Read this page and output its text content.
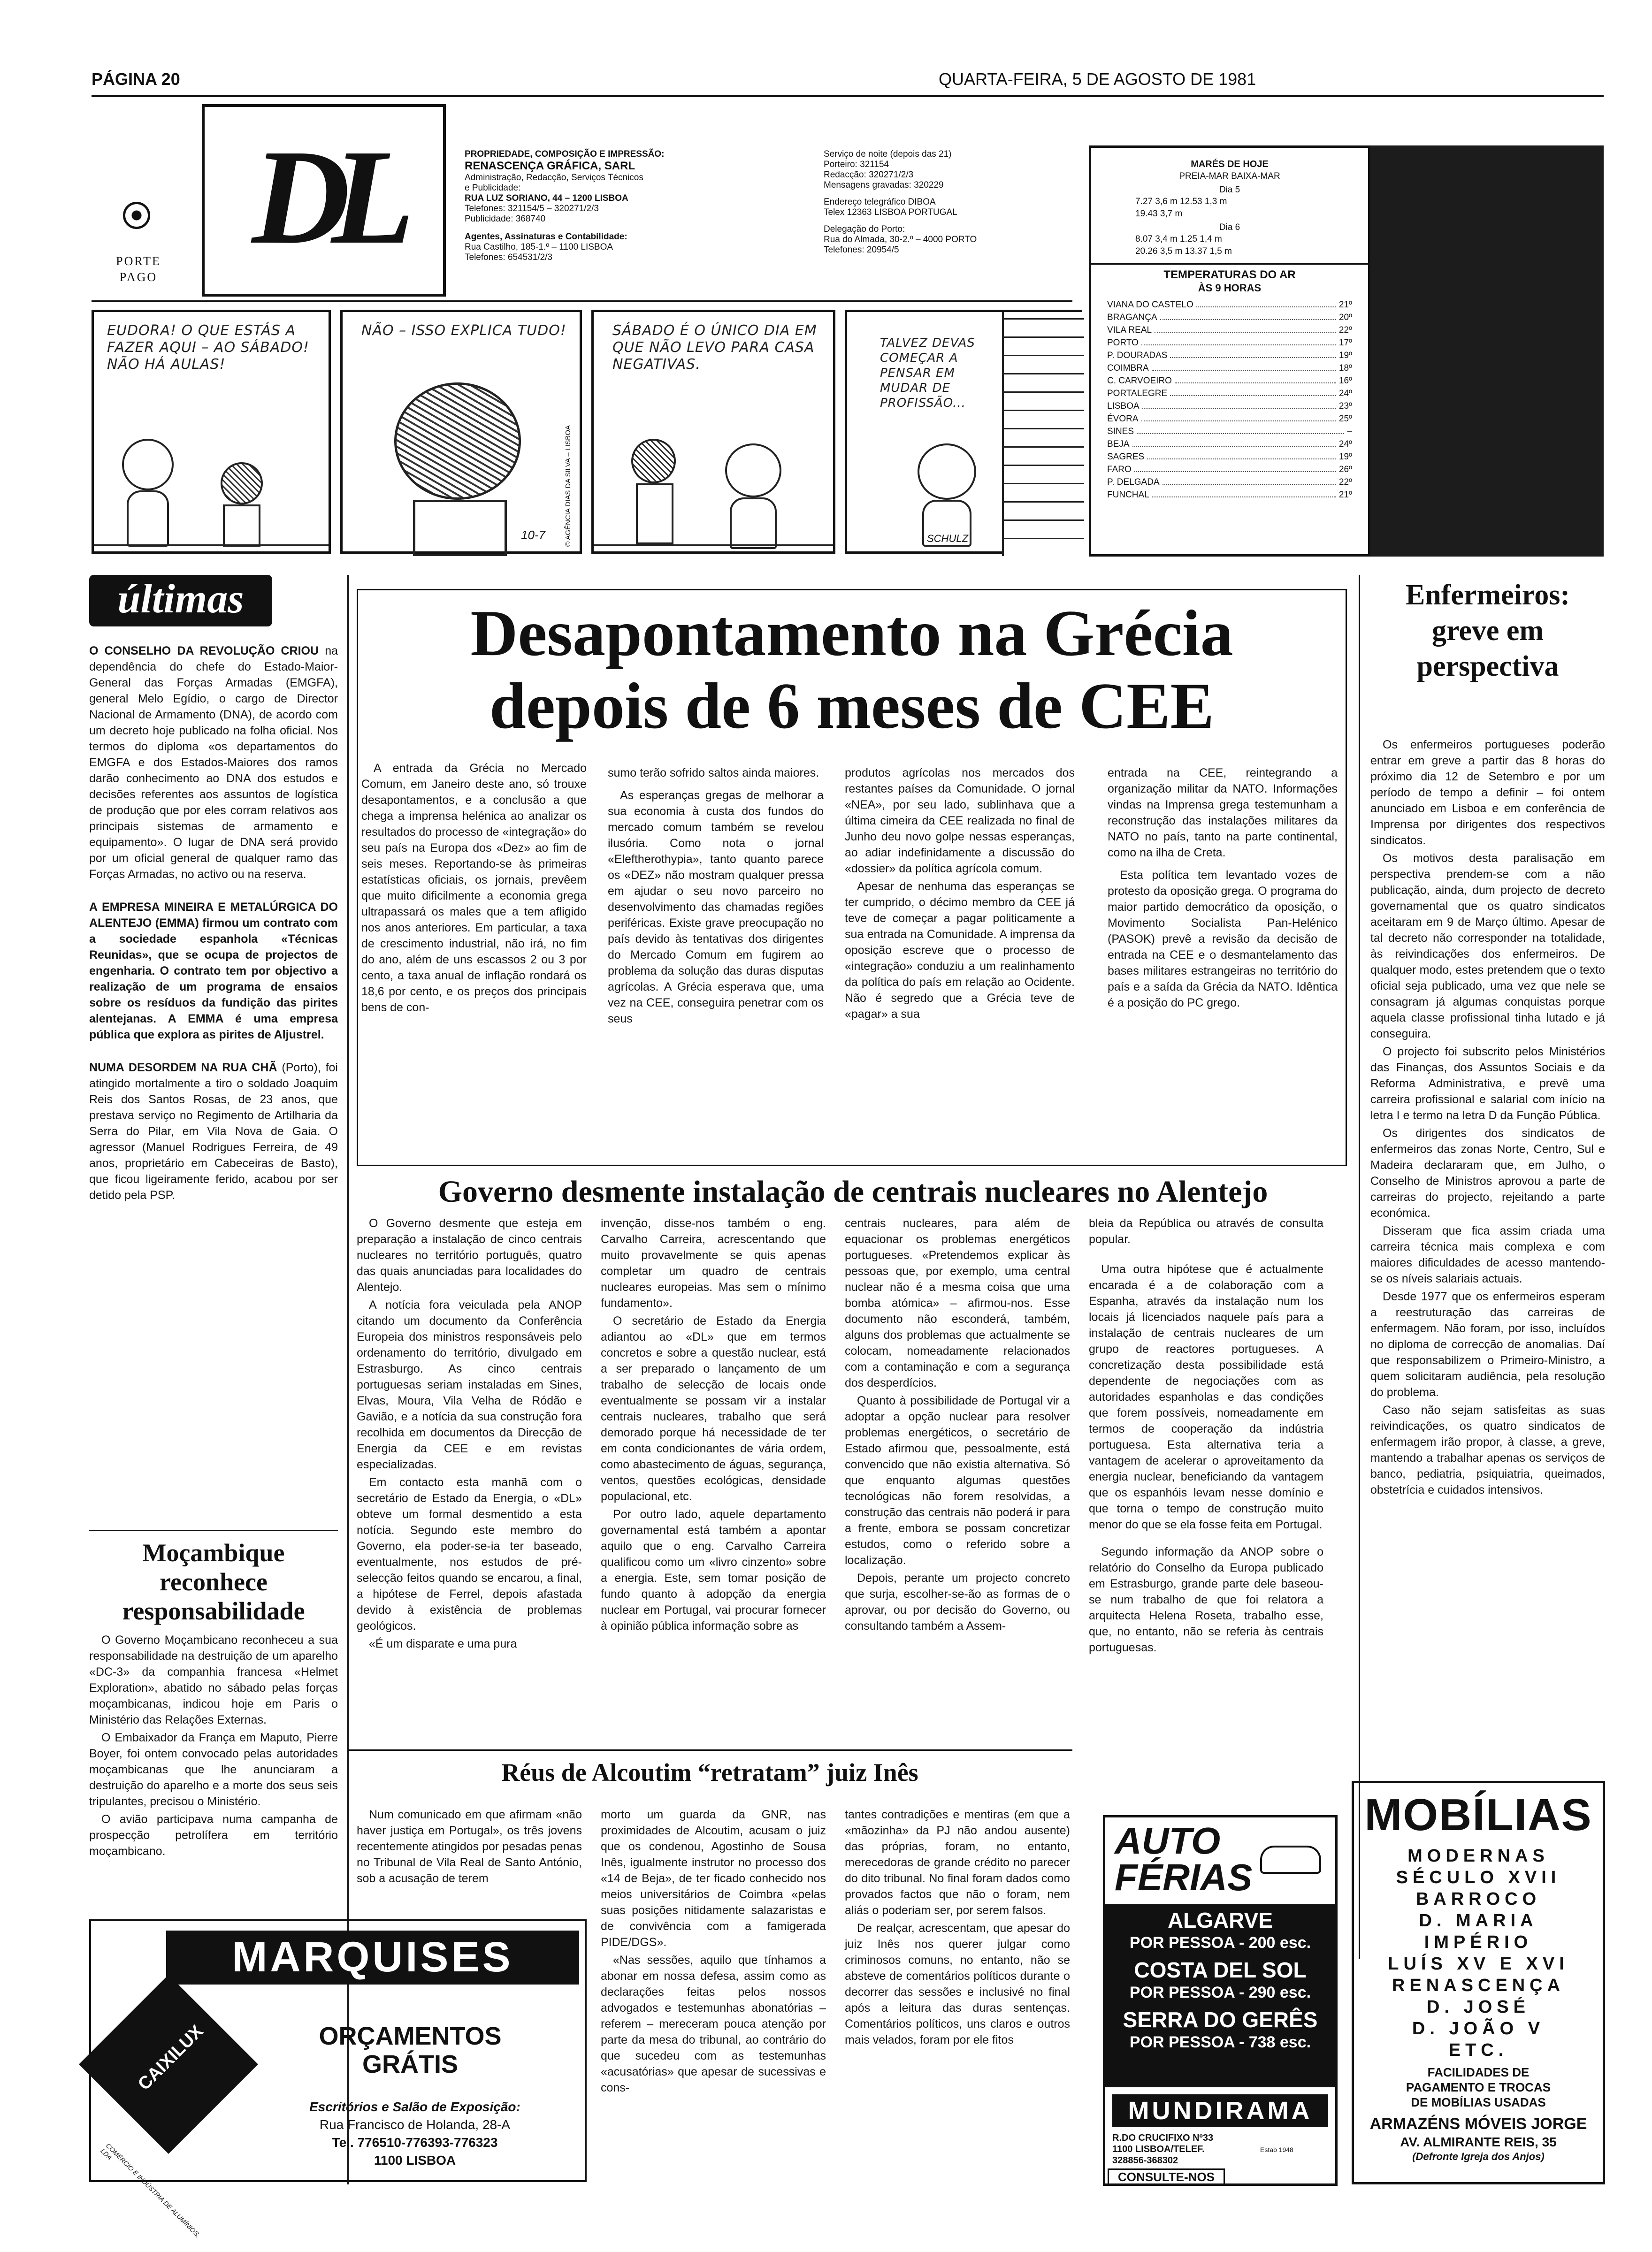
PÁGINA 20	QUARTA-FEIRA, 5 DE AGOSTO DE 1981
PORTE
PAGO
DL	PROPRIEDADE, COMPOSIÇÃO E IMPRESSÃO:
RENASCENÇA GRÁFICA, SARL
Administração, Redacção, Serviços Técnicos
e Publicidade:
RUA LUZ SORIANO, 44 – 1200 LISBOA
Telefones: 321154/5 – 320271/2/3
Publicidade: 368740
Agentes, Assinaturas e Contabilidade:
Rua Castilho, 185-1.º – 1100 LISBOA
Telefones: 654531/2/3
Serviço de noite (depois das 21)
Porteiro: 321154
Redacção: 320271/2/3
Mensagens gravadas: 320229
Endereço telegráfico DIBOA
Telex 12363 LISBOA PORTUGAL
Delegação do Porto:
Rua do Almada, 30-2.º – 4000 PORTO
Telefones: 20954/5
MARÉS DE HOJE
PREIA-MAR BAIXA-MAR
Dia 5
7.27 3,6 m 12.53 1,3 m
19.43 3,7 m
Dia 6
8.07 3,4 m 1.25 1,4 m
20.26 3,5 m 13.37 1,5 m
TEMPERATURAS DO AR
ÀS 9 HORAS
VIANA DO CASTELO	21º
BRAGANÇA	20º
VILA REAL	22º
PORTO	17º
P. DOURADAS	19º
COIMBRA	18º
C. CARVOEIRO	16º
PORTALEGRE	24º
LISBOA	23º
ÉVORA	25º
SINES	–
BEJA	24º
SAGRES	19º
FARO	26º
P. DELGADA	22º
FUNCHAL	21º
EUDORA! O QUE ESTÁS A FAZER AQUI – AO SÁBADO! NÃO HÁ AULAS!
NÃO – ISSO EXPLICA TUDO!
10-7	© AGÊNCIA DIAS DA SILVA – LISBOA
SÁBADO É O ÚNICO DIA EM QUE NÃO LEVO PARA CASA NEGATIVAS.
TALVEZ DEVAS COMEÇAR A PENSAR EM MUDAR DE PROFISSÃO...
SCHULZ
últimas

O CONSELHO DA REVOLUÇÃO CRIOU na dependência do chefe do Estado-Maior-General das Forças Armadas (EMGFA), general Melo Egídio, o cargo de Director Nacional de Armamento (DNA), de acordo com um decreto hoje publicado na folha oficial. Nos termos do diploma «os departamentos do EMGFA e dos Estados-Maiores dos ramos darão conhecimento ao DNA dos estudos e decisões referentes aos assuntos de logística de produção que por eles corram relativos aos principais sistemas de armamento e equipamento». O lugar de DNA será provido por um oficial general de qualquer ramo das Forças Armadas, no activo ou na reserva.

A EMPRESA MINEIRA E METALÚRGICA DO ALENTEJO (EMMA) firmou um contrato com a sociedade espanhola «Técnicas Reunidas», que se ocupa de projectos de engenharia. O contrato tem por objectivo a realização de um programa de ensaios sobre os resíduos da fundição das pirites alentejanas. A EMMA é uma empresa pública que explora as pirites de Aljustrel.

NUMA DESORDEM NA RUA CHÃ (Porto), foi atingido mortalmente a tiro o soldado Joaquim Reis dos Santos Rosas, de 23 anos, que prestava serviço no Regimento de Artilharia da Serra do Pilar, em Vila Nova de Gaia. O agressor (Manuel Rodrigues Ferreira, de 49 anos, proprietário em Cabeceiras de Basto), que ficou ligeiramente ferido, acabou por ser detido pela PSP.

Moçambique reconhece responsabilidade

O Governo Moçambicano reconheceu a sua responsabilidade na destruição de um aparelho «DC-3» da companhia francesa «Helmet Exploration», abatido no sábado pelas forças moçambicanas, indicou hoje em Paris o Ministério das Relações Externas.

O Embaixador da França em Maputo, Pierre Boyer, foi ontem convocado pelas autoridades moçambicanas que lhe anunciaram a destruição do aparelho e a morte dos seus seis tripulantes, precisou o Ministério.

O avião participava numa campanha de prospecção petrolífera em território moçambicano.

Desapontamento na Grécia
depois de 6 meses de CEE

A entrada da Grécia no Mercado Comum, em Janeiro deste ano, só trouxe desapontamentos, e a conclusão a que chega a imprensa helénica ao analizar os resultados do processo de «integração» do seu país na Europa dos «Dez» ao fim de seis meses. Reportando-se às primeiras estatísticas oficiais, os jornais, prevêem que muito dificilmente a economia grega ultrapassará os males que a tem afligido nos anos anteriores. Em particular, a taxa de crescimento industrial, não irá, no fim do ano, além de uns escassos 2 ou 3 por cento, a taxa anual de inflação rondará os 18,6 por cento, e os preços dos principais bens de con-

sumo terão sofrido saltos ainda maiores.

As esperanças gregas de melhorar a sua economia à custa dos fundos do mercado comum também se revelou ilusória. Como nota o jornal «Eleftherothypia», tanto quanto parece os «DEZ» não mostram qualquer pressa em ajudar o seu novo parceiro no desenvolvimento das chamadas regiões periféricas. Existe grave preocupação no país devido às tentativas dos dirigentes do Mercado Comum em fugirem ao problema da solução das duras disputas agrícolas. A Grécia esperava que, uma vez na CEE, conseguira penetrar com os seus

produtos agrícolas nos mercados dos restantes países da Comunidade. O jornal «NEA», por seu lado, sublinhava que a última cimeira da CEE realizada no final de Junho deu novo golpe nessas esperanças, ao adiar indefinidamente a discussão do «dossier» da política agrícola comum.

Apesar de nenhuma das esperanças se ter cumprido, o décimo membro da CEE já teve de começar a pagar politicamente a sua entrada na Comunidade. A imprensa da oposição escreve que o processo de «integração» conduziu a um realinhamento da política do país em relação ao Ocidente. Não é segredo que a Grécia teve de «pagar» a sua

entrada na CEE, reintegrando a organização militar da NATO. Informações vindas na Imprensa grega testemunham a reconstrução das instalações militares da NATO no país, tanto na parte continental, como na ilha de Creta.

Esta política tem levantado vozes de protesto da oposição grega. O programa do maior partido democrático da oposição, o Movimento Socialista Pan-Helénico (PASOK) prevê a revisão da decisão de entrada na CEE e o desmantelamento das bases militares estrangeiras no território do país e a saída da Grécia da NATO. Idêntica é a posição do PC grego.

Governo desmente instalação de centrais nucleares no Alentejo

O Governo desmente que esteja em preparação a instalação de cinco centrais nucleares no território português, quatro das quais anunciadas para localidades do Alentejo.

A notícia fora veiculada pela ANOP citando um documento da Conferência Europeia dos ministros responsáveis pelo ordenamento do território, divulgado em Estrasburgo. As cinco centrais portuguesas seriam instaladas em Sines, Elvas, Moura, Vila Velha de Ródão e Gavião, e a notícia da sua construção fora recolhida em documentos da Direcção de Energia da CEE e em revistas especializadas.

Em contacto esta manhã com o secretário de Estado da Energia, o «DL» obteve um formal desmentido a esta notícia. Segundo este membro do Governo, ela poder-se-ia ter baseado, eventualmente, nos estudos de pré-selecção feitos quando se encarou, a final, a hipótese de Ferrel, depois afastada devido à existência de problemas geológicos.

«É um disparate e uma pura

invenção, disse-nos também o eng. Carvalho Carreira, acrescentando que muito provavelmente se quis apenas completar um quadro de centrais nucleares europeias. Mas sem o mínimo fundamento».

O secretário de Estado da Energia adiantou ao «DL» que em termos concretos e sobre a questão nuclear, está a ser preparado o lançamento de um trabalho de selecção de locais onde eventualmente se possam vir a instalar centrais nucleares, trabalho que será demorado porque há necessidade de ter em conta condicionantes de vária ordem, como abastecimento de águas, segurança, ventos, questões ecológicas, densidade populacional, etc.

Por outro lado, aquele departamento governamental está também a apontar aquilo que o eng. Carvalho Carreira qualificou como um «livro cinzento» sobre a energia. Este, sem tomar posição de fundo quanto à adopção da energia nuclear em Portugal, vai procurar fornecer à opinião pública informação sobre as

centrais nucleares, para além de equacionar os problemas energéticos portugueses. «Pretendemos explicar às pessoas que, por exemplo, uma central nuclear não é a mesma coisa que uma bomba atómica» – afirmou-nos. Esse documento não esconderá, também, alguns dos problemas que actualmente se colocam, nomeadamente relacionados com a contaminação e com a segurança dos desperdícios.

Quanto à possibilidade de Portugal vir a adoptar a opção nuclear para resolver problemas energéticos, o secretário de Estado afirmou que, pessoalmente, está convencido que não existia alternativa. Só que enquanto algumas questões tecnológicas não forem resolvidas, a construção das centrais não poderá ir para a frente, embora se possam concretizar estudos, como o referido sobre a localização.

Depois, perante um projecto concreto que surja, escolher-se-ão as formas de o aprovar, ou por decisão do Governo, ou consultando também a Assem-

bleia da República ou através de consulta popular.

Uma outra hipótese que é actualmente encarada é a de colaboração com a Espanha, através da instalação num los locais já licenciados naquele país para a instalação de centrais nucleares de um grupo de reactores portugueses. A concretização desta possibilidade está dependente de negociações com as autoridades espanholas e das condições que forem possíveis, nomeadamente em termos de cooperação da indústria portuguesa. Esta alternativa teria a vantagem de acelerar o aproveitamento da energia nuclear, beneficiando da vantagem que os espanhóis levam nesse domínio e que torna o tempo de construção muito menor do que se ela fosse feita em Portugal.

Segundo informação da ANOP sobre o relatório do Conselho da Europa publicado em Estrasburgo, grande parte dele baseou-se num trabalho de que foi relatora a arquitecta Helena Roseta, trabalho esse, que, no entanto, não se referia às centrais portuguesas.

Réus de Alcoutim “retratam” juiz Inês

Num comunicado em que afirmam «não haver justiça em Portugal», os três jovens recentemente atingidos por pesadas penas no Tribunal de Vila Real de Santo António, sob a acusação de terem

morto um guarda da GNR, nas proximidades de Alcoutim, acusam o juiz que os condenou, Agostinho de Sousa Inês, igualmente instrutor no processo dos «14 de Beja», de ter ficado conhecido nos meios universitários de Coimbra «pelas suas posições nitidamente salazaristas e de convivência com a famigerada PIDE/DGS».

«Nas sessões, aquilo que tínhamos a abonar em nossa defesa, assim como as declarações feitas pelos nossos advogados e testemunhas abonatórias – referem – mereceram pouca atenção por parte da mesa do tribunal, ao contrário do que sucedeu com as testemunhas «acusatórias» que apesar de sucessivas e cons-

tantes contradições e mentiras (em que a «mãozinha» da PJ não andou ausente) das próprias, foram, no entanto, merecedoras de grande crédito no parecer do dito tribunal. No final foram dados como provados factos que não o foram, nem aliás o poderiam ser, por serem falsos.

De realçar, acrescentam, que apesar do juiz Inês nos querer julgar como criminosos comuns, no entanto, não se absteve de comentários políticos durante o decorrer das sessões e inclusivé no final após a leitura das duras sentenças. Comentários políticos, uns claros e outros mais velados, foram por ele fitos

MARQUISES
CAIXILUX
COMÉRCIO E INDÚSTRIA DE ALUMÍNIOS, LDA
ORÇAMENTOS
GRÁTIS
Escritórios e Salão de Exposição:
Rua Francisco de Holanda, 28-A
Tel. 776510-776393-776323
1100 LISBOA
AUTO
FÉRIAS
ALGARVE
POR PESSOA - 200 esc.
COSTA DEL SOL
POR PESSOA - 290 esc.
SERRA DO GERÊS
POR PESSOA - 738 esc.
MUNDIRAMA
R.DO CRUCIFIXO Nº33
1100 LISBOA/TELEF.
328856-368302
Estab 1948
CONSULTE-NOS
Enfermeiros: greve em perspectiva

Os enfermeiros portugueses poderão entrar em greve a partir das 8 horas do próximo dia 12 de Setembro e por um período de tempo a definir – foi ontem anunciado em Lisboa e em conferência de Imprensa por dirigentes dos respectivos sindicatos.

Os motivos desta paralisação em perspectiva prendem-se com a não publicação, ainda, dum projecto de decreto governamental que os quatro sindicatos aceitaram em 9 de Março último. Apesar de tal decreto não corresponder na totalidade, às reivindicações dos enfermeiros. De qualquer modo, estes pretendem que o texto oficial seja publicado, uma vez que nele se consagram já algumas conquistas porque aquela classe profissional tinha lutado e já conseguira.

O projecto foi subscrito pelos Ministérios das Finanças, dos Assuntos Sociais e da Reforma Administrativa, e prevê uma carreira profissional e salarial com início na letra I e termo na letra D da Função Pública.

Os dirigentes dos sindicatos de enfermeiros das zonas Norte, Centro, Sul e Madeira declararam que, em Julho, o Conselho de Ministros aprovou a parte de carreiras do projecto, rejeitando a parte económica.

Disseram que fica assim criada uma carreira técnica mais complexa e com maiores dificuldades de acesso mantendo-se os níveis salariais actuais.

Desde 1977 que os enfermeiros esperam a reestruturação das carreiras de enfermagem. Não foram, por isso, incluídos no diploma de correcção de anomalias. Daí que responsabilizem o Primeiro-Ministro, a quem solicitaram audiência, pela resolução do problema.

Caso não sejam satisfeitas as suas reivindicações, os quatro sindicatos de enfermagem irão propor, à classe, a greve, mantendo a trabalhar apenas os serviços de banco, pediatria, psiquiatria, queimados, obstetrícia e cuidados intensivos.

MOBÍLIAS
MODERNAS
SÉCULO XVII
BARROCO
D. MARIA
IMPÉRIO
LUÍS XV E XVI
RENASCENÇA
D. JOSÉ
D. JOÃO V
ETC.
FACILIDADES DE
PAGAMENTO E TROCAS
DE MOBÍLIAS USADAS
ARMAZÉNS MÓVEIS JORGE
AV. ALMIRANTE REIS, 35
(Defronte Igreja dos Anjos)
